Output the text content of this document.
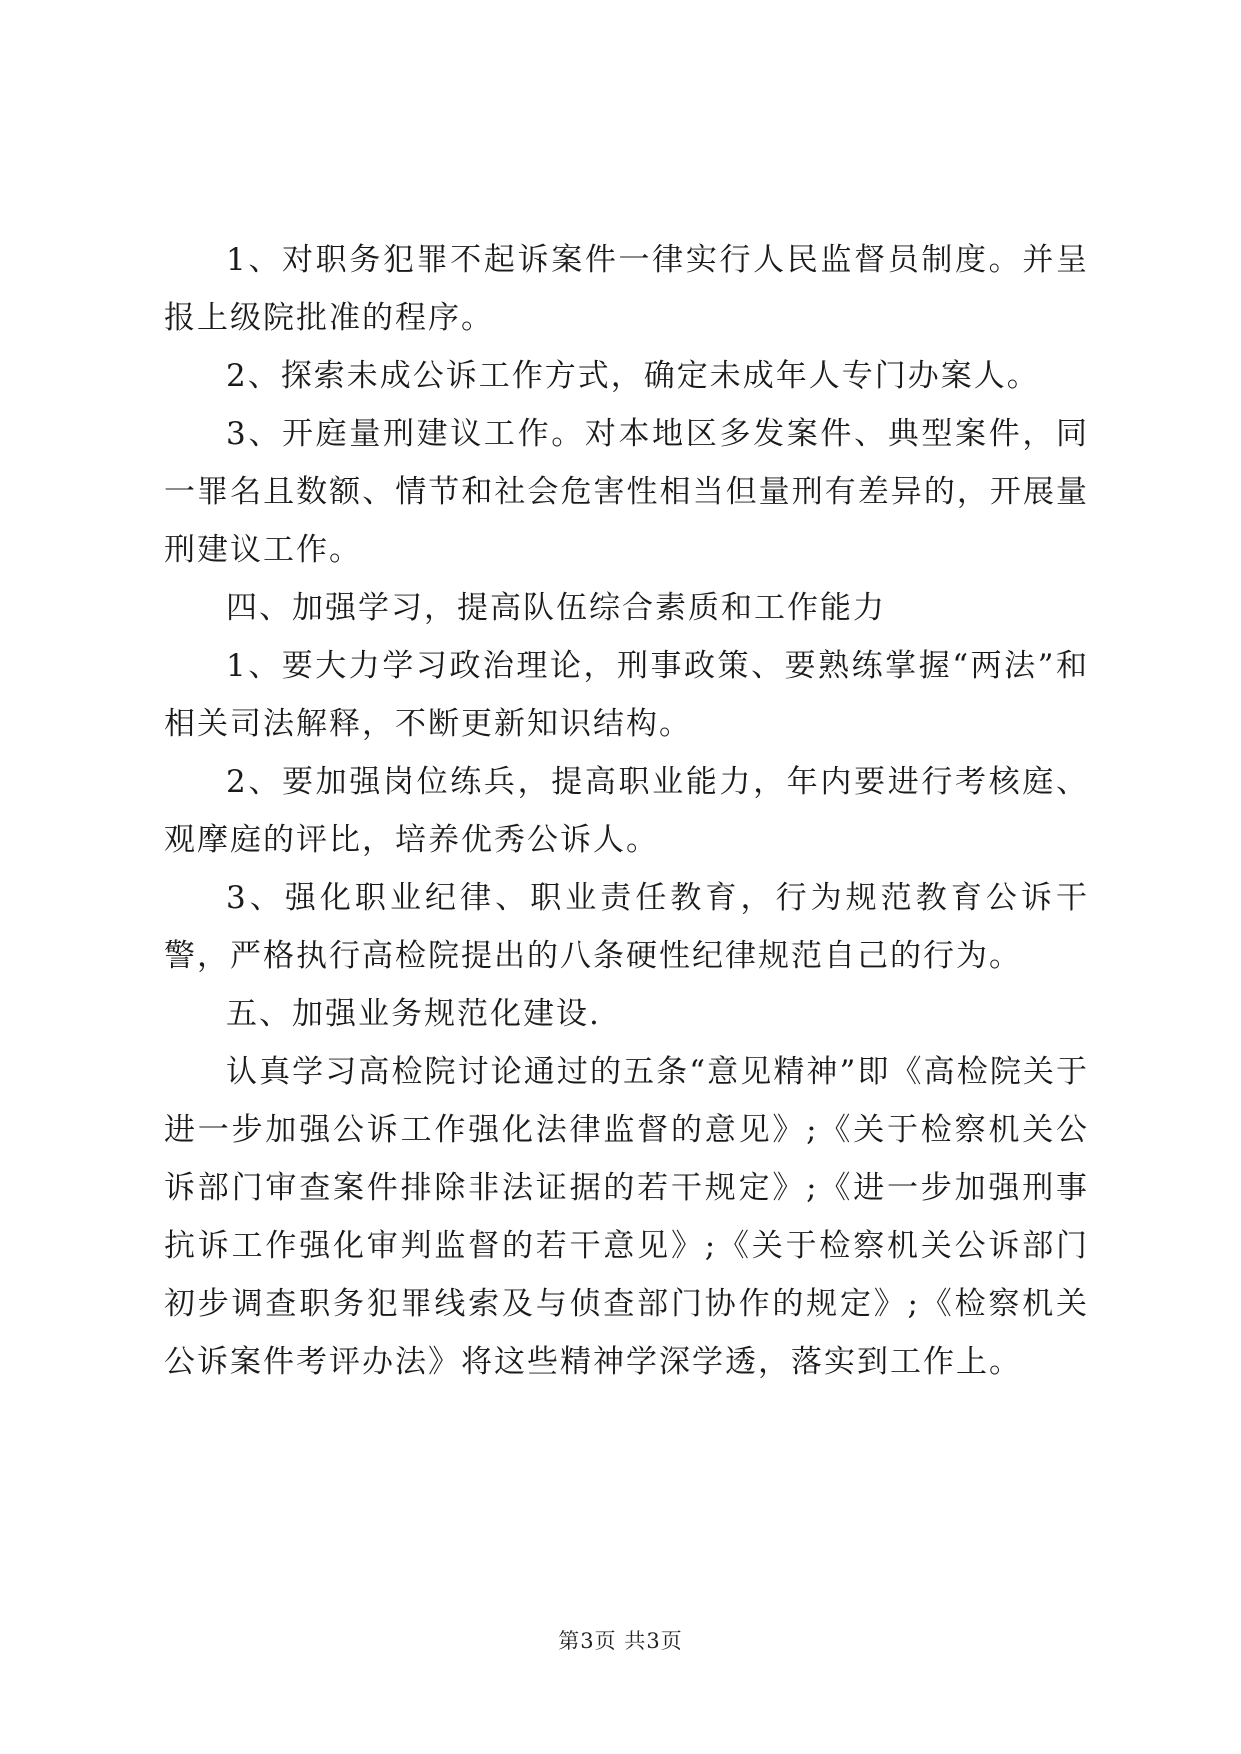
1、对职务犯罪不起诉案件一律实行人民监督员制度。并呈报上级院批准的程序。

2、探索未成公诉工作方式，确定未成年人专门办案人。

3、开庭量刑建议工作。对本地区多发案件、典型案件，同一罪名且数额、情节和社会危害性相当但量刑有差异的，开展量刑建议工作。

四、加强学习，提高队伍综合素质和工作能力

1、要大力学习政治理论，刑事政策、要熟练掌握“两法”和相关司法解释，不断更新知识结构。

2、要加强岗位练兵，提高职业能力，年内要进行考核庭、观摩庭的评比，培养优秀公诉人。

3、强化职业纪律、职业责任教育，行为规范教育公诉干警，严格执行高检院提出的八条硬性纪律规范自己的行为。

五、加强业务规范化建设.

认真学习高检院讨论通过的五条“意见精神”即《高检院关于进一步加强公诉工作强化法律监督的意见》;《关于检察机关公诉部门审查案件排除非法证据的若干规定》;《进一步加强刑事抗诉工作强化审判监督的若干意见》;《关于检察机关公诉部门初步调查职务犯罪线索及与侦查部门协作的规定》;《检察机关公诉案件考评办法》将这些精神学深学透，落实到工作上。

第3页 共3页
